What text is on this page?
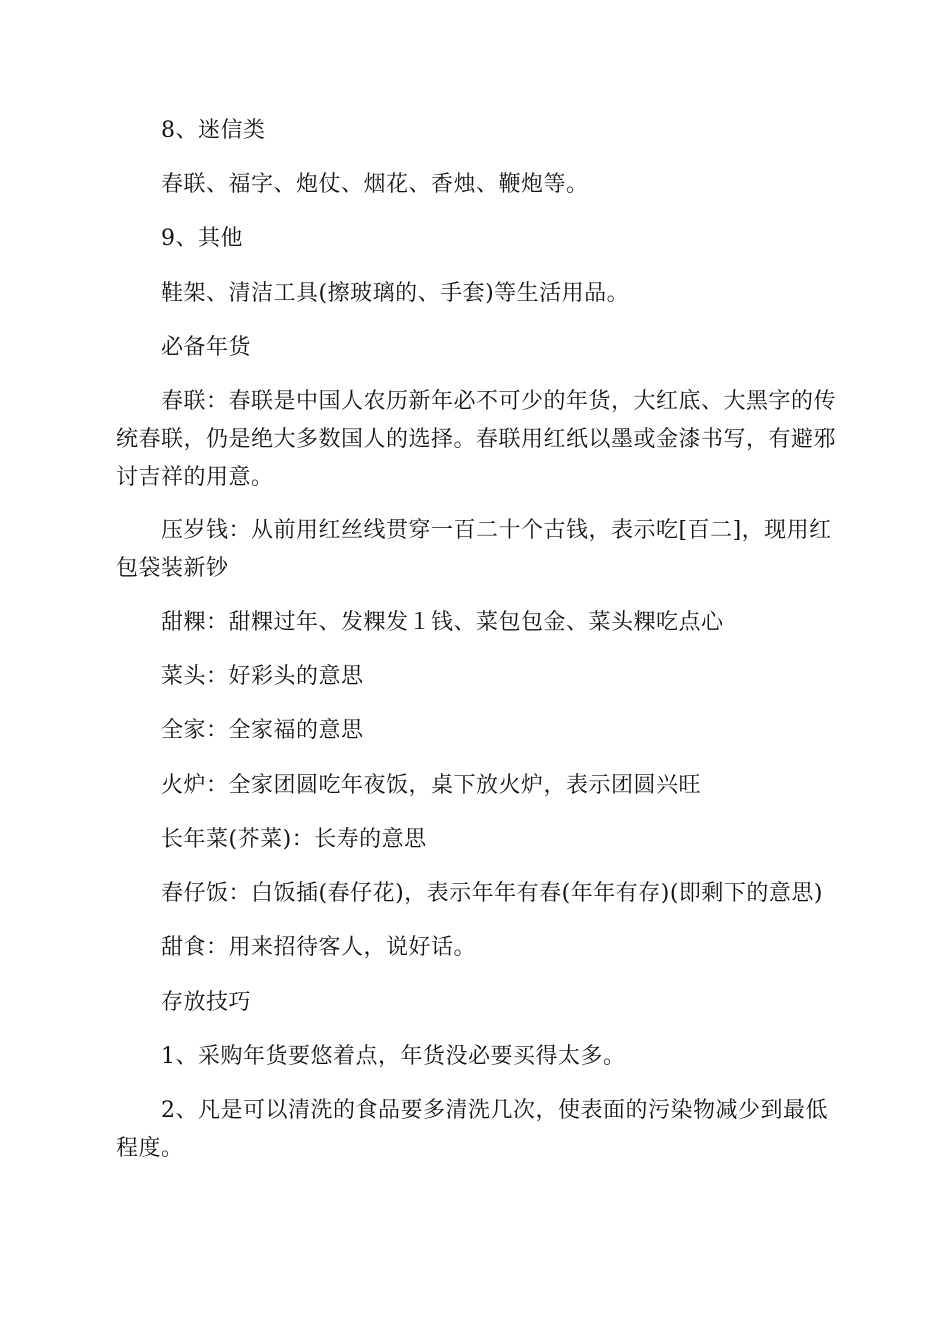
8、迷信类

春联、福字、炮仗、烟花、香烛、鞭炮等。

9、其他

鞋架、清洁工具(擦玻璃的、手套)等生活用品。

必备年货

春联：春联是中国人农历新年必不可少的年货，大红底、大黑字的传统春联，仍是绝大多数国人的选择。春联用红纸以墨或金漆书写，有避邪讨吉祥的用意。

压岁钱：从前用红丝线贯穿一百二十个古钱，表示吃[百二]，现用红包袋装新钞

甜粿：甜粿过年、发粿发１钱、菜包包金、菜头粿吃点心

菜头：好彩头的意思

全家：全家福的意思

火炉：全家团圆吃年夜饭，桌下放火炉，表示团圆兴旺

长年菜(芥菜)：长寿的意思

春仔饭：白饭插(春仔花)，表示年年有春(年年有存)(即剩下的意思)

甜食：用来招待客人，说好话。

存放技巧

1、采购年货要悠着点，年货没必要买得太多。

2、凡是可以清洗的食品要多清洗几次，使表面的污染物减少到最低程度。
